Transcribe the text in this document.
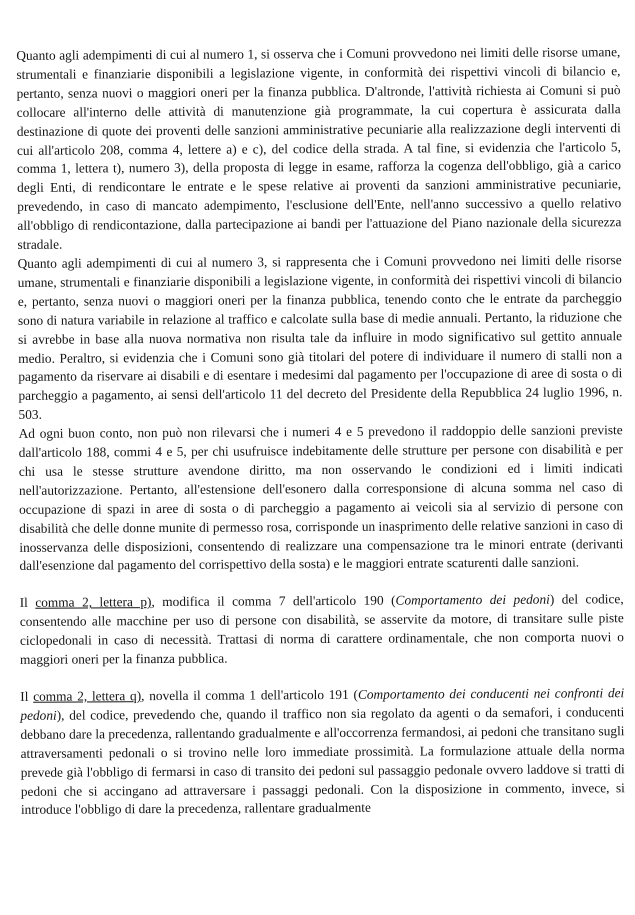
Quanto agli adempimenti di cui al numero 1, si osserva che i Comuni provvedono nei limiti delle risorse umane, strumentali e finanziarie disponibili a legislazione vigente, in conformità dei rispettivi vincoli di bilancio e, pertanto, senza nuovi o maggiori oneri per la finanza pubblica. D'altronde, l'attività richiesta ai Comuni si può collocare all'interno delle attività di manutenzione già programmate, la cui copertura è assicurata dalla destinazione di quote dei proventi delle sanzioni amministrative pecuniarie alla realizzazione degli interventi di cui all'articolo 208, comma 4, lettere a) e c), del codice della strada. A tal fine, si evidenzia che l'articolo 5, comma 1, lettera t), numero 3), della proposta di legge in esame, rafforza la cogenza dell'obbligo, già a carico degli Enti, di rendicontare le entrate e le spese relative ai proventi da sanzioni amministrative pecuniarie, prevedendo, in caso di mancato adempimento, l'esclusione dell'Ente, nell'anno successivo a quello relativo all'obbligo di rendicontazione, dalla partecipazione ai bandi per l'attuazione del Piano nazionale della sicurezza stradale.

Quanto agli adempimenti di cui al numero 3, si rappresenta che i Comuni provvedono nei limiti delle risorse umane, strumentali e finanziarie disponibili a legislazione vigente, in conformità dei rispettivi vincoli di bilancio e, pertanto, senza nuovi o maggiori oneri per la finanza pubblica, tenendo conto che le entrate da parcheggio sono di natura variabile in relazione al traffico e calcolate sulla base di medie annuali. Pertanto, la riduzione che si avrebbe in base alla nuova normativa non risulta tale da influire in modo significativo sul gettito annuale medio. Peraltro, si evidenzia che i Comuni sono già titolari del potere di individuare il numero di stalli non a pagamento da riservare ai disabili e di esentare i medesimi dal pagamento per l'occupazione di aree di sosta o di parcheggio a pagamento, ai sensi dell'articolo 11 del decreto del Presidente della Repubblica 24 luglio 1996, n. 503.

Ad ogni buon conto, non può non rilevarsi che i numeri 4 e 5 prevedono il raddoppio delle sanzioni previste dall'articolo 188, commi 4 e 5, per chi usufruisce indebitamente delle strutture per persone con disabilità e per chi usa le stesse strutture avendone diritto, ma non osservando le condizioni ed i limiti indicati nell'autorizzazione. Pertanto, all'estensione dell'esonero dalla corresponsione di alcuna somma nel caso di occupazione di spazi in aree di sosta o di parcheggio a pagamento ai veicoli sia al servizio di persone con disabilità che delle donne munite di permesso rosa, corrisponde un inasprimento delle relative sanzioni in caso di inosservanza delle disposizioni, consentendo di realizzare una compensazione tra le minori entrate (derivanti dall'esenzione dal pagamento del corrispettivo della sosta) e le maggiori entrate scaturenti dalle sanzioni.

Il comma 2, lettera p), modifica il comma 7 dell'articolo 190 (Comportamento dei pedoni) del codice, consentendo alle macchine per uso di persone con disabilità, se asservite da motore, di transitare sulle piste ciclopedonali in caso di necessità. Trattasi di norma di carattere ordinamentale, che non comporta nuovi o maggiori oneri per la finanza pubblica.

Il comma 2, lettera q), novella il comma 1 dell'articolo 191 (Comportamento dei conducenti nei confronti dei pedoni), del codice, prevedendo che, quando il traffico non sia regolato da agenti o da semafori, i conducenti debbano dare la precedenza, rallentando gradualmente e all'occorrenza fermandosi, ai pedoni che transitano sugli attraversamenti pedonali o si trovino nelle loro immediate prossimità. La formulazione attuale della norma prevede già l'obbligo di fermarsi in caso di transito dei pedoni sul passaggio pedonale ovvero laddove si tratti di pedoni che si accingano ad attraversare i passaggi pedonali. Con la disposizione in commento, invece, si introduce l'obbligo di dare la precedenza, rallentare gradualmente
